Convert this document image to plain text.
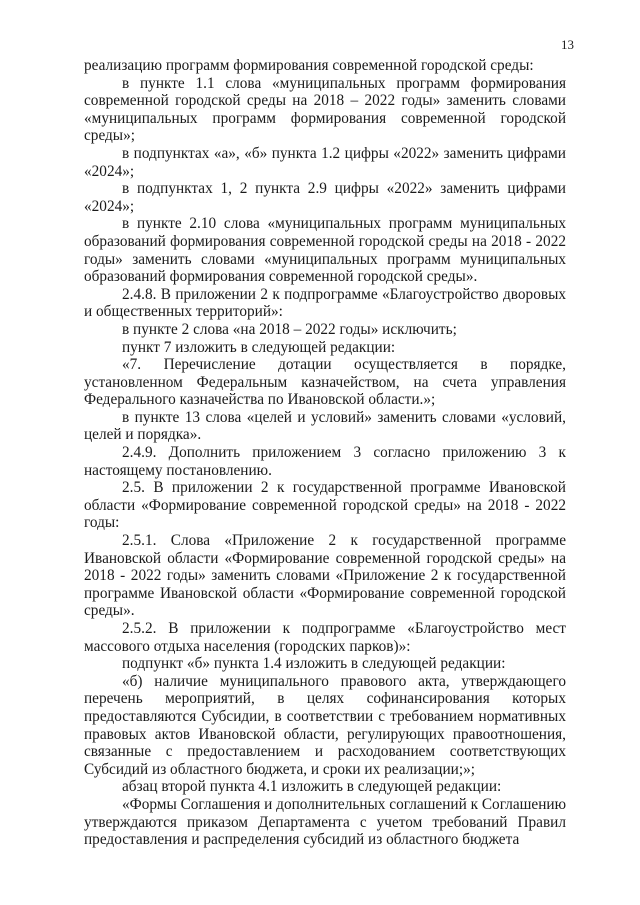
13

реализацию программ формирования современной городской среды:

в пункте 1.1 слова «муниципальных программ формирования современной городской среды на 2018 – 2022 годы» заменить словами «муниципальных программ формирования современной городской среды»;

в подпунктах «а», «б» пункта 1.2 цифры «2022» заменить цифрами «2024»;

в подпунктах 1, 2 пункта 2.9 цифры «2022» заменить цифрами «2024»;

в пункте 2.10 слова «муниципальных программ муниципальных образований формирования современной городской среды на 2018 - 2022 годы» заменить словами «муниципальных программ муниципальных образований формирования современной городской среды».

2.4.8. В приложении 2 к подпрограмме «Благоустройство дворовых и общественных территорий»:

в пункте 2 слова «на 2018 – 2022 годы» исключить;

пункт 7 изложить в следующей редакции:

«7. Перечисление дотации осуществляется в порядке, установленном Федеральным казначейством, на счета управления Федерального казначейства по Ивановской области.»;

в пункте 13 слова «целей и условий» заменить словами «условий, целей и порядка».

2.4.9. Дополнить приложением 3 согласно приложению 3 к настоящему постановлению.

2.5. В приложении 2 к государственной программе Ивановской области «Формирование современной городской среды» на 2018 - 2022 годы:

2.5.1. Слова «Приложение 2 к государственной программе Ивановской области «Формирование современной городской среды» на 2018 - 2022 годы» заменить словами «Приложение 2 к государственной программе Ивановской области «Формирование современной городской среды».

2.5.2. В приложении к подпрограмме «Благоустройство мест массового отдыха населения (городских парков)»:

подпункт «б» пункта 1.4 изложить в следующей редакции:

«б) наличие муниципального правового акта, утверждающего перечень мероприятий, в целях софинансирования которых предоставляются Субсидии, в соответствии с требованием нормативных правовых актов Ивановской области, регулирующих правоотношения, связанные с предоставлением и расходованием соответствующих Субсидий из областного бюджета, и сроки их реализации;»;

абзац второй пункта 4.1 изложить в следующей редакции:

«Формы Соглашения и дополнительных соглашений к Соглашению утверждаются приказом Департамента с учетом требований Правил предоставления и распределения субсидий из областного бюджета
